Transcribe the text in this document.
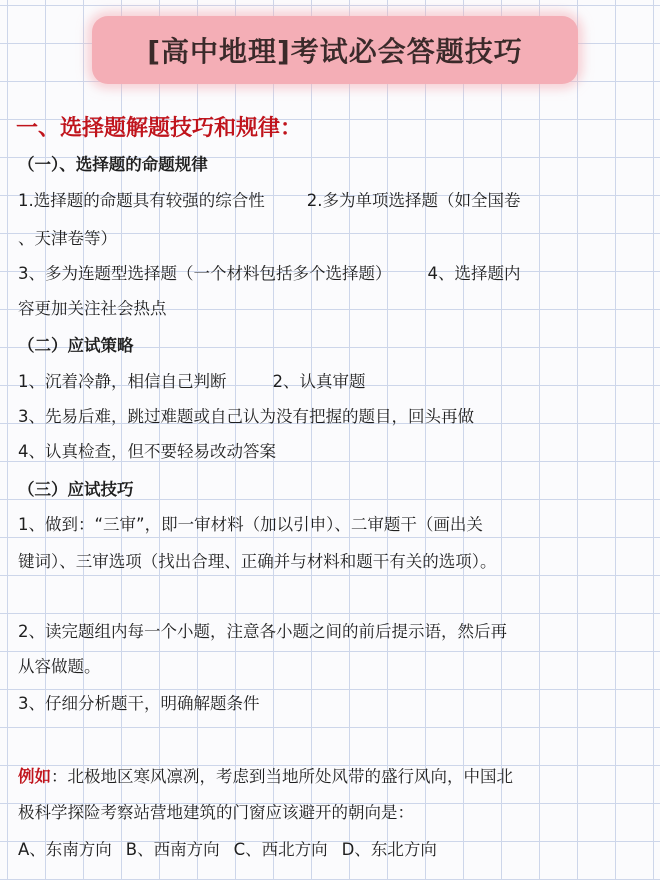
[高中地理]考试必会答题技巧
一、选择题解题技巧和规律：
（一）、选择题的命题规律
1.选择题的命题具有较强的综合性	2.多为单项选择题（如全国卷
、天津卷等）
3、多为连题型选择题（一个材料包括多个选择题） 4、选择题内
容更加关注社会热点
（二）应试策略
1、沉着冷静，相信自己判断	2、认真审题
3、先易后难，跳过难题或自己认为没有把握的题目，回头再做
4、认真检查，但不要轻易改动答案
（三）应试技巧
1、做到：“三审”，即一审材料（加以引申）、二审题干（画出关
键词）、三审选项（找出合理、正确并与材料和题干有关的选项）。
2、读完题组内每一个小题，注意各小题之间的前后提示语，然后再
从容做题。
3、仔细分析题干，明确解题条件
例如：北极地区寒风凛冽，考虑到当地所处风带的盛行风向，中国北
极科学探险考察站营地建筑的门窗应该避开的朝向是：
A、东南方向 B、西南方向 C、西北方向 D、东北方向
